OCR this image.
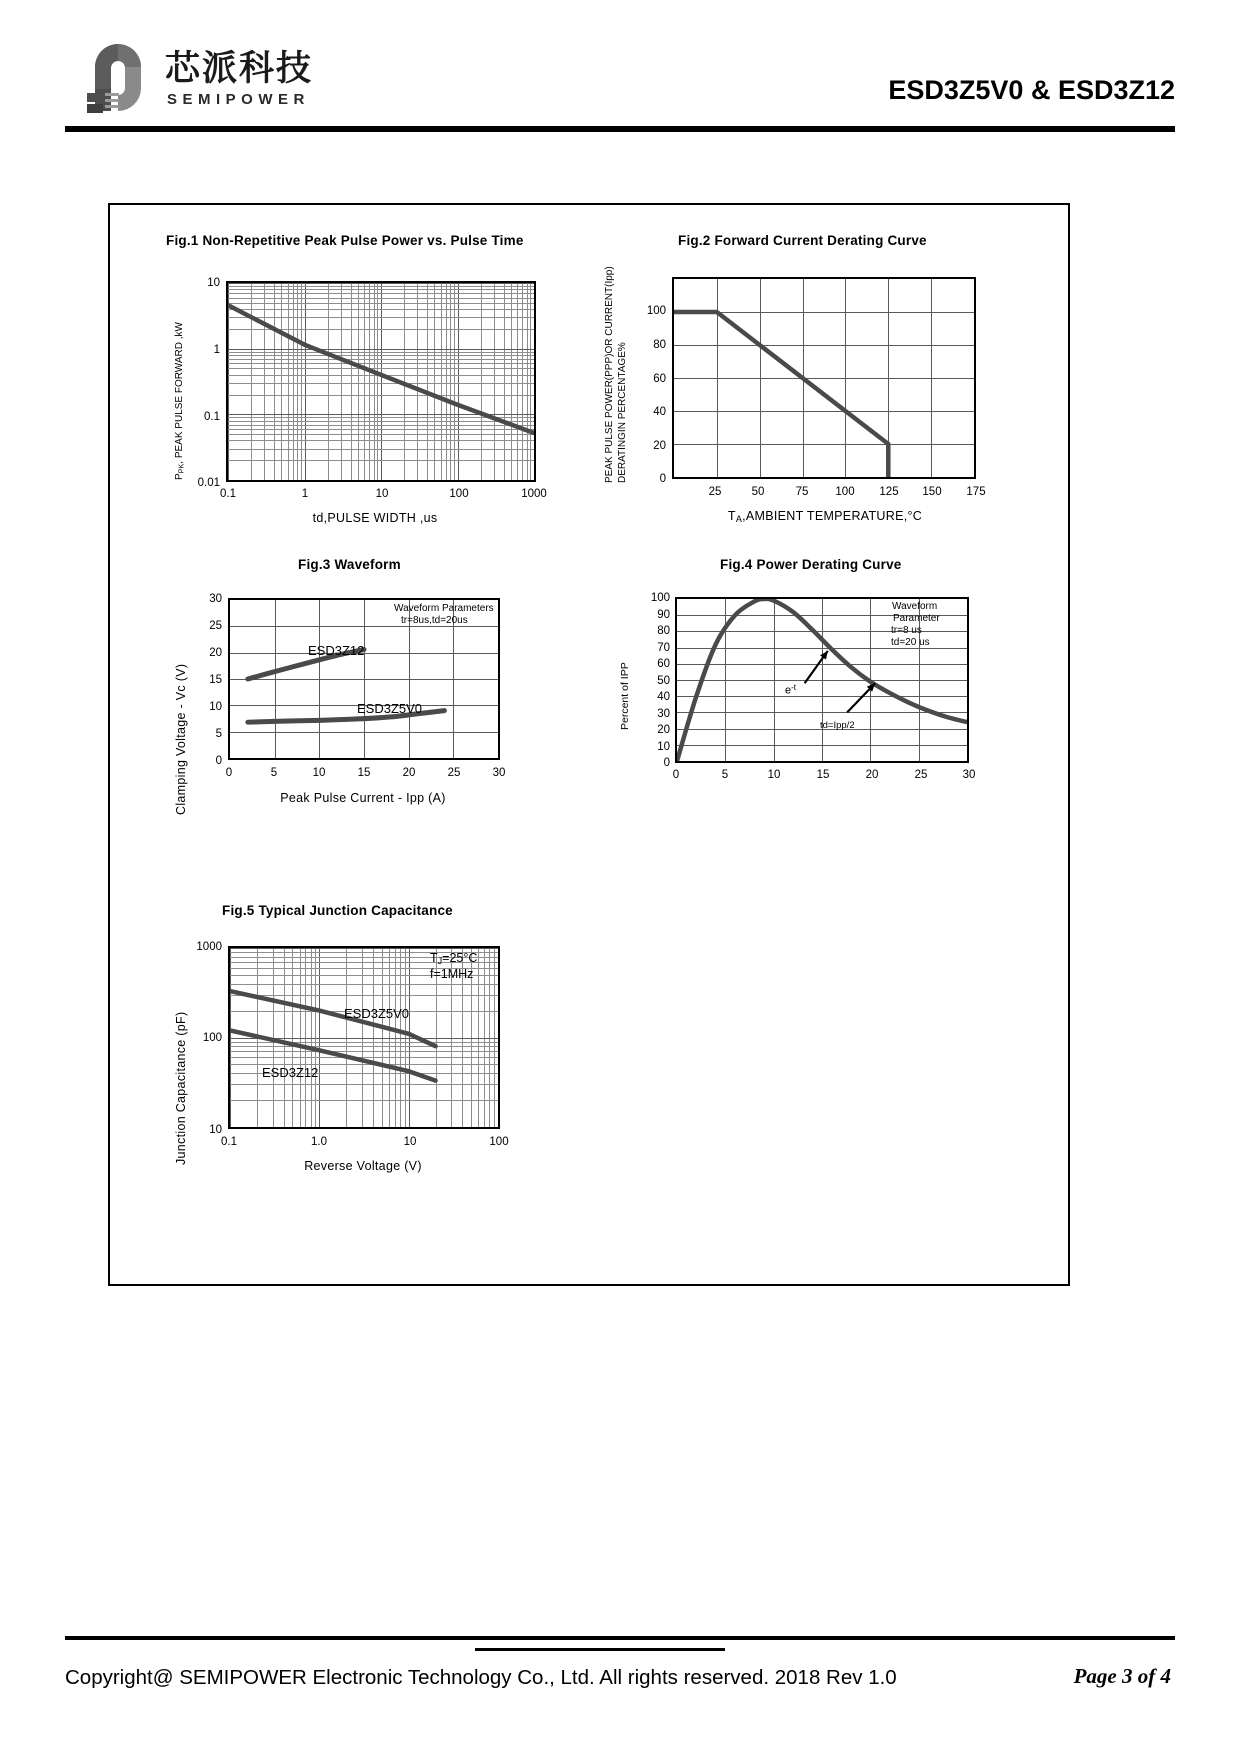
芯派科技
SEMIPOWER	ESD3Z5V0 & ESD3Z12
Fig.1 Non-Repetitive Peak Pulse Power vs. Pulse Time
$P_{PK}$, PEAK PULSE FORWARD ,kW
10
1
0.1
0.01
0.1	1	10	100	1000
td,PULSE WIDTH ,us
Fig.2 Forward Current Derating Curve
PEAK PULSE POWER(PPP)OR CURRENT(Ipp) DERATINGIN PERCENTAGE%
100
80
60
40
20
0
25	50	75 100 125 150 175
$T_A,AMBIENT$ TEMPERATURE,°C
Fig.3 Waveform
Clamping Voltage - Vc (V)
30
25
20
15
10
5
0
0	5	10	15	20	25	30
Peak Pulse Current - Ipp (A)
Waveform Parameters
tr=8us,td=20us
ESD3Z12
ESD3Z5V0
Fig.4 Power Derating Curve
Percent of IPP
100
90
80
70
60
50
40
30
20
10
0
0	5	10	15	20	25	30
Waveform
Parameter
tr=8 us
td=20 us
$e^{-t}$
td=Ipp/2
Fig.5 Typical Junction Capacitance
Junction Capacitance (pF)
1000
100
10
0.1	1.0	10	100
Reverse Voltage (V)
$T_J=25^\circ C$
f=1MHz
ESD3Z5V0
ESD3Z12
Copyright@ SEMIPOWER Electronic Technology Co., Ltd. All rights reserved. 2018 Rev 1.0	Page 3 of 4
